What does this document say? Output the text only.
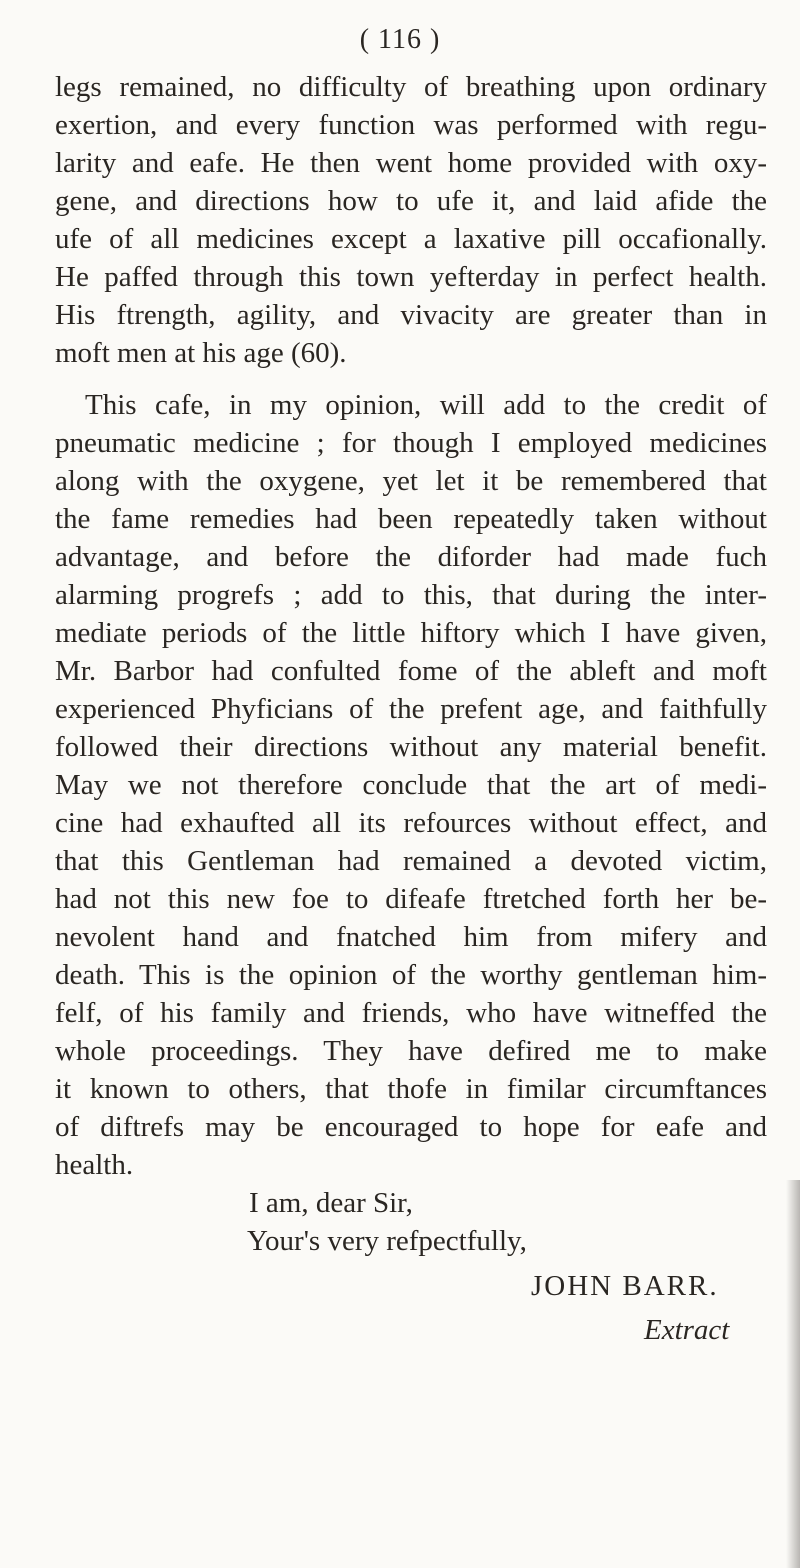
( 116 )
legs remained, no difficulty of breathing upon ordinary
exertion, and every function was performed with regu-
larity and eafe. He then went home provided with oxy-
gene, and directions how to ufe it, and laid afide the
ufe of all medicines except a laxative pill occafionally.
He paffed through this town yefterday in perfect health.
His ftrength, agility, and vivacity are greater than in
moft men at his age (60).
This cafe, in my opinion, will add to the credit of
pneumatic medicine ; for though I employed medicines
along with the oxygene, yet let it be remembered that
the fame remedies had been repeatedly taken without
advantage, and before the diforder had made fuch
alarming progrefs ; add to this, that during the inter-
mediate periods of the little hiftory which I have given,
Mr. Barbor had confulted fome of the ableft and moft
experienced Phyficians of the prefent age, and faithfully
followed their directions without any material benefit.
May we not therefore conclude that the art of medi-
cine had exhaufted all its refources without effect, and
that this Gentleman had remained a devoted victim,
had not this new foe to difeafe ftretched forth her be-
nevolent hand and fnatched him from mifery and
death. This is the opinion of the worthy gentleman him-
felf, of his family and friends, who have witneffed the
whole proceedings. They have defired me to make
it known to others, that thofe in fimilar circumftances
of diftrefs may be encouraged to hope for eafe and
health.
I am, dear Sir,
Your's very refpectfully,
JOHN BARR.
Extract
